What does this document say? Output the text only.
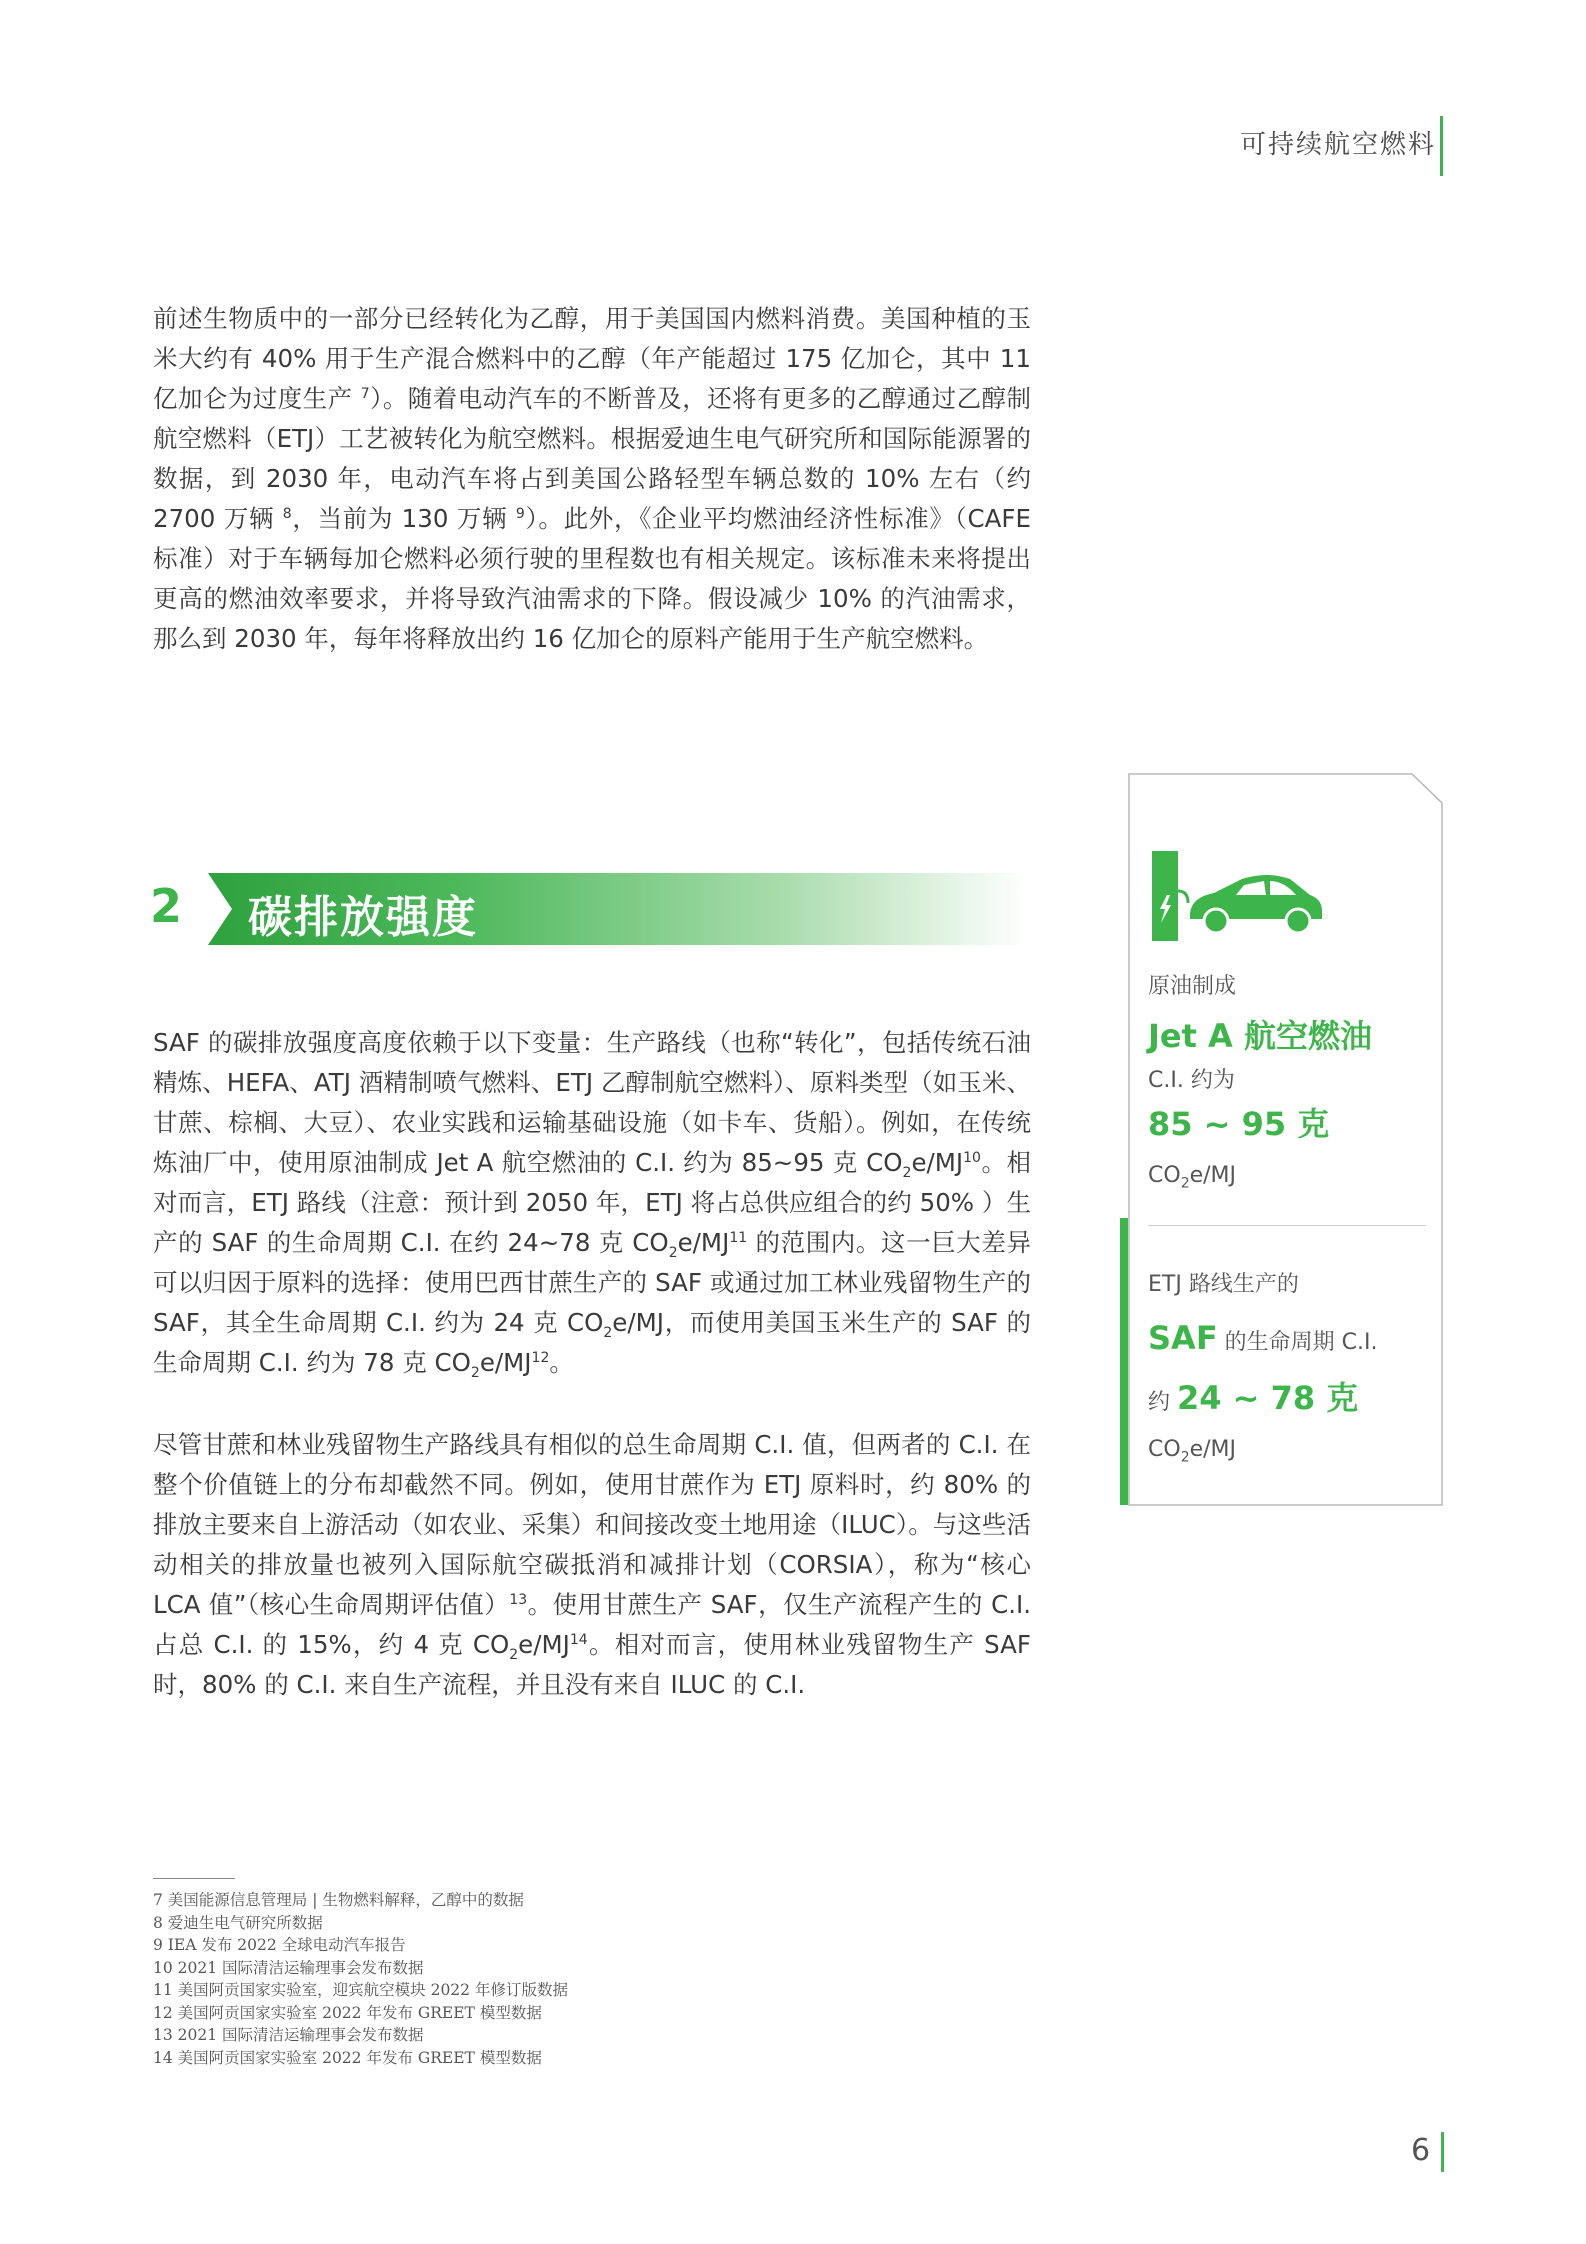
可持续航空燃料

前述生物质中的一部分已经转化为乙醇，用于美国国内燃料消费。美国种植的玉米大约有 40% 用于生产混合燃料中的乙醇（年产能超过 175 亿加仑，其中 11 亿加仑为过度生产 $^7$）。随着电动汽车的不断普及，还将有更多的乙醇通过乙醇制航空燃料（ETJ）工艺被转化为航空燃料。根据爱迪生电气研究所和国际能源署的数据，到 2030 年，电动汽车将占到美国公路轻型车辆总数的 10% 左右（约 2700 万辆 $^8$，当前为 130 万辆 $^9$）。此外，《企业平均燃油经济性标准》（CAFE 标准）对于车辆每加仑燃料必须行驶的里程数也有相关规定。该标准未来将提出更高的燃油效率要求，并将导致汽油需求的下降。假设减少 10% 的汽油需求，那么到 2030 年，每年将释放出约 16 亿加仑的原料产能用于生产航空燃料。

2 碳排放强度

SAF 的碳排放强度高度依赖于以下变量：生产路线（也称“转化”，包括传统石油精炼、HEFA、ATJ 酒精制喷气燃料、ETJ 乙醇制航空燃料）、原料类型（如玉米、甘蔗、棕榈、大豆）、农业实践和运输基础设施（如卡车、货船）。例如，在传统炼油厂中，使用原油制成 Jet A 航空燃油的 C.I. 约为 85~95 克 $CO_2e/MJ^{10}$。相对而言，ETJ 路线（注意：预计到 2050 年，ETJ 将占总供应组合的约 50% ）生产的 SAF 的生命周期 C.I. 在约 24~78 克 $CO_2e/MJ^{11}$ 的范围内。这一巨大差异可以归因于原料的选择：使用巴西甘蔗生产的 SAF 或通过加工林业残留物生产的 SAF，其全生命周期 C.I. 约为 24 克 $CO_2e/MJ$，而使用美国玉米生产的 SAF 的生命周期 C.I. 约为 78 克 $CO_2e/MJ^{12}$。

尽管甘蔗和林业残留物生产路线具有相似的总生命周期 C.I. 值，但两者的 C.I. 在整个价值链上的分布却截然不同。例如，使用甘蔗作为 ETJ 原料时，约 80% 的排放主要来自上游活动（如农业、采集）和间接改变土地用途（ILUC）。与这些活动相关的排放量也被列入国际航空碳抵消和减排计划（CORSIA），称为“核心 LCA 值”（核心生命周期评估值）$^{13}$。使用甘蔗生产 SAF，仅生产流程产生的 C.I. 占总 C.I. 的 15%，约 4 克 $CO_2e/MJ^{14}$。相对而言，使用林业残留物生产 SAF 时，80% 的 C.I. 来自生产流程，并且没有来自 ILUC 的 C.I.

原油制成
Jet A 航空燃油
C.I. 约为
85 ~ 95 克
$CO_2e/MJ$
ETJ 路线生产的
SAF 的生命周期 C.I.
约 24 ~ 78 克
$CO_2e/MJ$
7 美国能源信息管理局 | 生物燃料解释，乙醇中的数据
8 爱迪生电气研究所数据
9 IEA 发布 2022 全球电动汽车报告
10 2021 国际清洁运输理事会发布数据
11 美国阿贡国家实验室，迎宾航空模块 2022 年修订版数据
12 美国阿贡国家实验室 2022 年发布 GREET 模型数据
13 2021 国际清洁运输理事会发布数据
14 美国阿贡国家实验室 2022 年发布 GREET 模型数据
6
